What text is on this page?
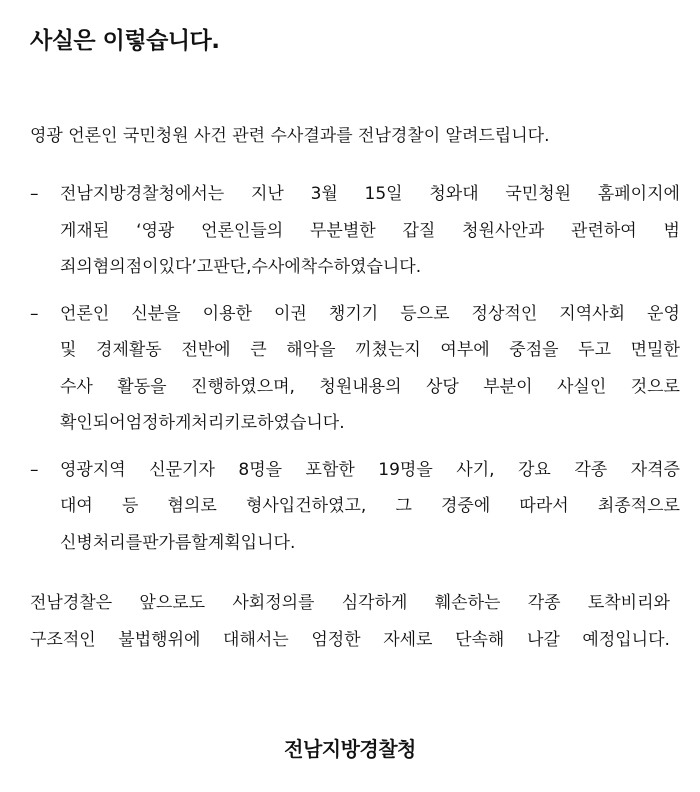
사실은 이렇습니다.
영광 언론인 국민청원 사건 관련 수사결과를 전남경찰이 알려드립니다.
–	전남지방경찰청에서는 지난 3월 15일 청와대 국민청원 홈페이지에
게재된 ‘영광 언론인들의 무분별한 갑질 청원사안과 관련하여 범
죄의 혐의점이 있다’고 판단, 수사에 착수하였습니다.
–	언론인 신분을 이용한 이권 챙기기 등으로 정상적인 지역사회 운영
및 경제활동 전반에 큰 해악을 끼쳤는지 여부에 중점을 두고 면밀한
수사 활동을 진행하였으며, 청원내용의 상당 부분이 사실인 것으로
확인되어 엄정하게 처리키로 하였습니다.
–	영광지역 신문기자 8명을 포함한 19명을 사기, 강요 각종 자격증
대여 등 혐의로 형사입건하였고, 그 경중에 따라서 최종적으로
신병처리를 판가름할 계획입니다.
전남경찰은 앞으로도 사회정의를 심각하게 훼손하는 각종 토착비리와
구조적인 불법행위에 대해서는 엄정한 자세로 단속해 나갈 예정입니다.
전남지방경찰청
